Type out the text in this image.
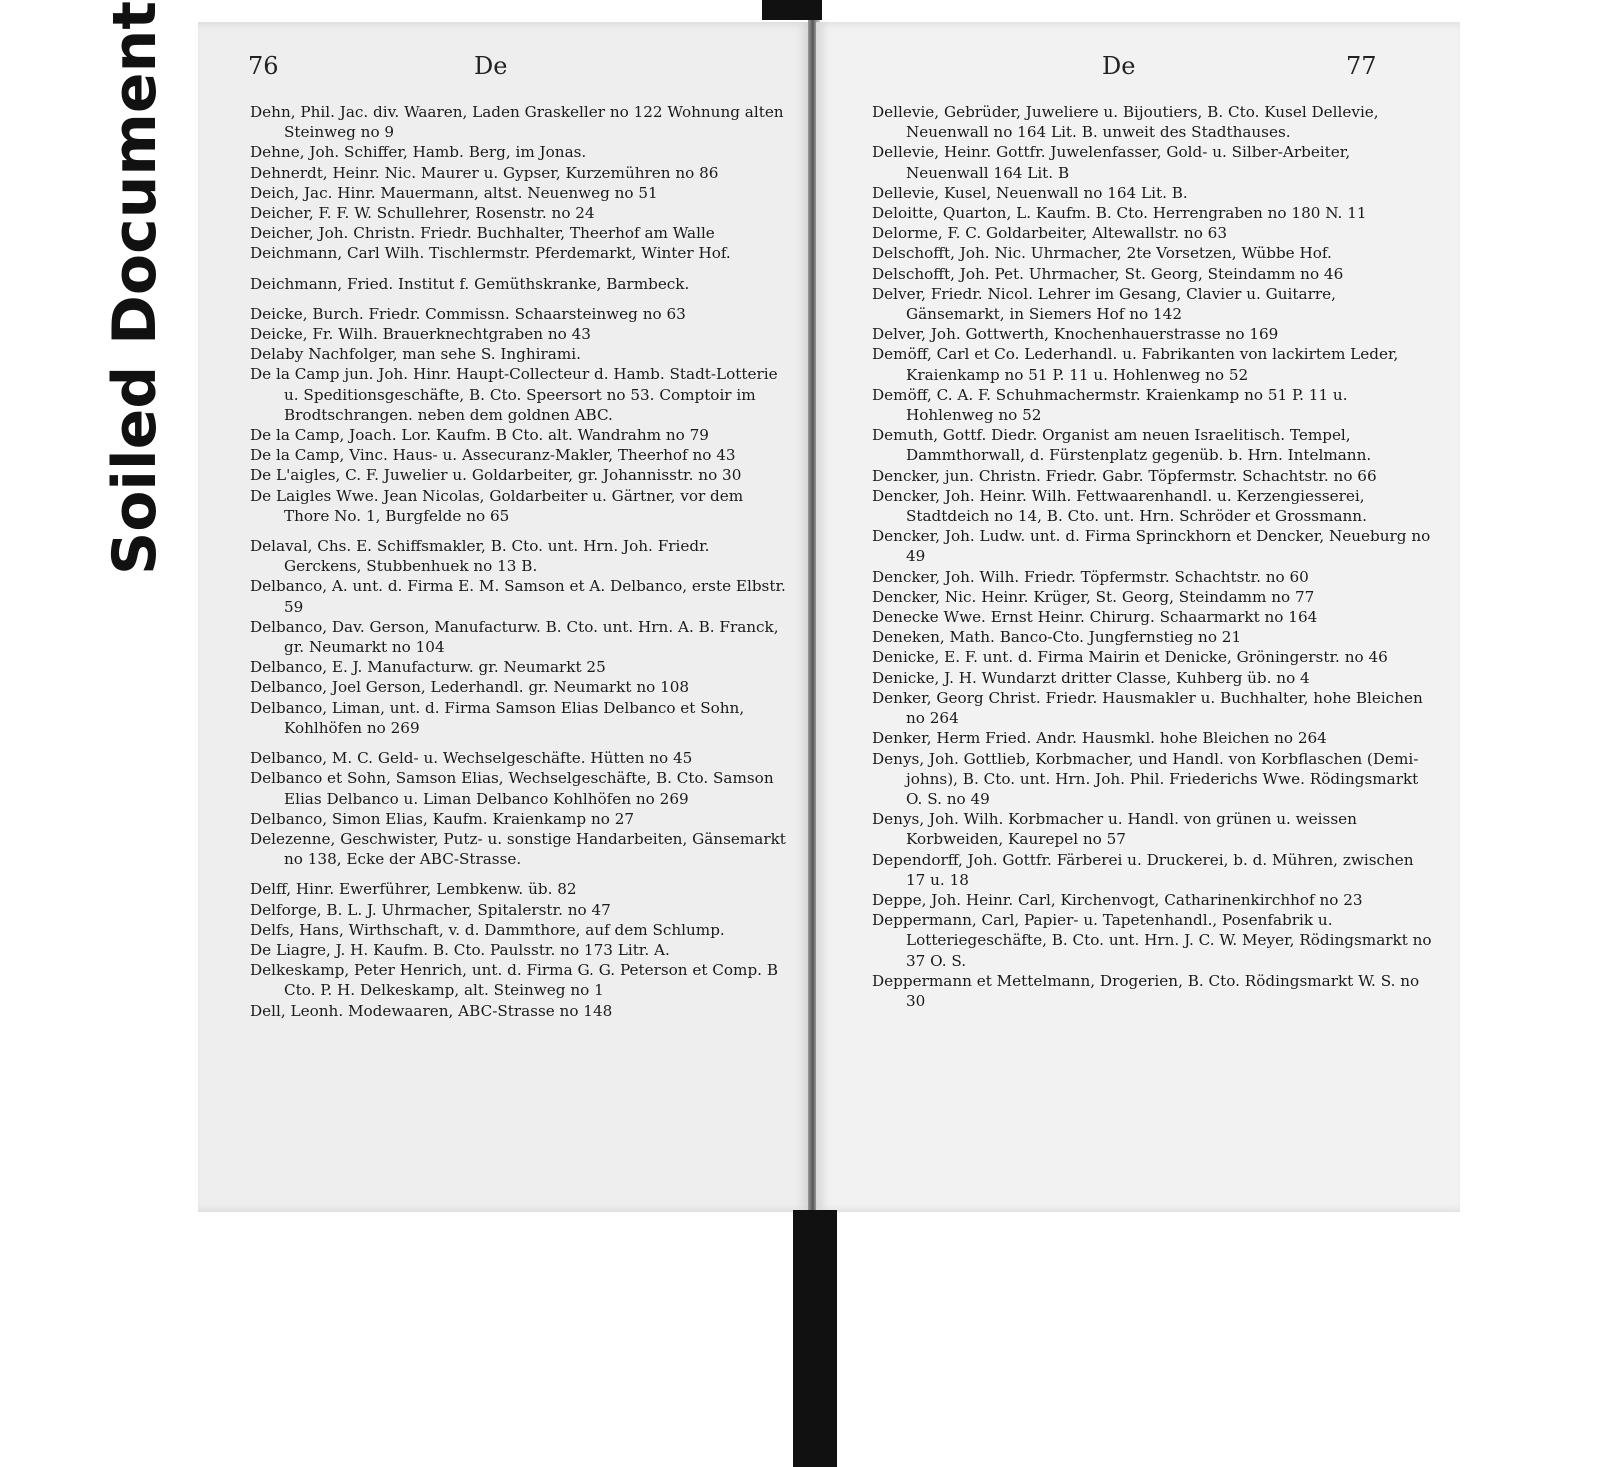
76	De

Dehn, Phil. Jac. div. Waaren, Laden Graskeller no 122 Wohnung alten Steinweg no 9

Dehne, Joh. Schiffer, Hamb. Berg, im Jonas.

Dehnerdt, Heinr. Nic. Maurer u. Gypser, Kurzemühren no 86

Deich, Jac. Hinr. Mauermann, altst. Neuenweg no 51

Deicher, F. F. W. Schullehrer, Rosenstr. no 24

Deicher, Joh. Christn. Friedr. Buchhalter, Theerhof am Walle

Deichmann, Carl Wilh. Tischlermstr. Pferdemarkt, Winter Hof.

Deichmann, Fried. Institut f. Gemüthskranke, Barmbeck.

Deicke, Burch. Friedr. Commissn. Schaarsteinweg no 63

Deicke, Fr. Wilh. Brauerknechtgraben no 43

Delaby Nachfolger, man sehe S. Inghirami.

De la Camp jun. Joh. Hinr. Haupt-Collecteur d. Hamb. Stadt-Lotterie u. Speditionsgeschäfte, B. Cto. Speersort no 53. Comptoir im Brodtschrangen. neben dem goldnen ABC.

De la Camp, Joach. Lor. Kaufm. B Cto. alt. Wandrahm no 79

De la Camp, Vinc. Haus- u. Assecuranz-Makler, Theerhof no 43

De L'aigles, C. F. Juwelier u. Goldarbeiter, gr. Johannisstr. no 30

De Laigles Wwe. Jean Nicolas, Goldarbeiter u. Gärtner, vor dem Thore No. 1, Burgfelde no 65

Delaval, Chs. E. Schiffsmakler, B. Cto. unt. Hrn. Joh. Friedr. Gerckens, Stubbenhuek no 13 B.

Delbanco, A. unt. d. Firma E. M. Samson et A. Delbanco, erste Elbstr. 59

Delbanco, Dav. Gerson, Manufacturw. B. Cto. unt. Hrn. A. B. Franck, gr. Neumarkt no 104

Delbanco, E. J. Manufacturw. gr. Neumarkt 25

Delbanco, Joel Gerson, Lederhandl. gr. Neumarkt no 108

Delbanco, Liman, unt. d. Firma Samson Elias Delbanco et Sohn, Kohlhöfen no 269

Delbanco, M. C. Geld- u. Wechselgeschäfte. Hütten no 45

Delbanco et Sohn, Samson Elias, Wechselgeschäfte, B. Cto. Samson Elias Delbanco u. Liman Delbanco Kohlhöfen no 269

Delbanco, Simon Elias, Kaufm. Kraienkamp no 27

Delezenne, Geschwister, Putz- u. sonstige Handarbeiten, Gänsemarkt no 138, Ecke der ABC-Strasse.

Delff, Hinr. Ewerführer, Lembkenw. üb. 82

Delforge, B. L. J. Uhrmacher, Spitalerstr. no 47

Delfs, Hans, Wirthschaft, v. d. Dammthore, auf dem Schlump.

De Liagre, J. H. Kaufm. B. Cto. Paulsstr. no 173 Litr. A.

Delkeskamp, Peter Henrich, unt. d. Firma G. G. Peterson et Comp. B Cto. P. H. Delkeskamp, alt. Steinweg no 1

Dell, Leonh. Modewaaren, ABC-Strasse no 148

De	77

Dellevie, Gebrüder, Juweliere u. Bijoutiers, B. Cto. Kusel Dellevie, Neuenwall no 164 Lit. B. unweit des Stadthauses.

Dellevie, Heinr. Gottfr. Juwelenfasser, Gold- u. Silber-Arbeiter, Neuenwall 164 Lit. B

Dellevie, Kusel, Neuenwall no 164 Lit. B.

Deloitte, Quarton, L. Kaufm. B. Cto. Herrengraben no 180 N. 11

Delorme, F. C. Goldarbeiter, Altewallstr. no 63

Delschofft, Joh. Nic. Uhrmacher, 2te Vorsetzen, Wübbe Hof.

Delschofft, Joh. Pet. Uhrmacher, St. Georg, Steindamm no 46

Delver, Friedr. Nicol. Lehrer im Gesang, Clavier u. Guitarre, Gänsemarkt, in Siemers Hof no 142

Delver, Joh. Gottwerth, Knochenhauerstrasse no 169

Demöff, Carl et Co. Lederhandl. u. Fabrikanten von lackirtem Leder, Kraienkamp no 51 P. 11 u. Hohlenweg no 52

Demöff, C. A. F. Schuhmachermstr. Kraienkamp no 51 P. 11 u. Hohlenweg no 52

Demuth, Gottf. Diedr. Organist am neuen Israelitisch. Tempel, Dammthorwall, d. Fürstenplatz gegenüb. b. Hrn. Intelmann.

Dencker, jun. Christn. Friedr. Gabr. Töpfermstr. Schachtstr. no 66

Dencker, Joh. Heinr. Wilh. Fettwaarenhandl. u. Kerzengiesserei, Stadtdeich no 14, B. Cto. unt. Hrn. Schröder et Grossmann.

Dencker, Joh. Ludw. unt. d. Firma Sprinckhorn et Dencker, Neueburg no 49

Dencker, Joh. Wilh. Friedr. Töpfermstr. Schachtstr. no 60

Dencker, Nic. Heinr. Krüger, St. Georg, Steindamm no 77

Denecke Wwe. Ernst Heinr. Chirurg. Schaarmarkt no 164

Deneken, Math. Banco-Cto. Jungfernstieg no 21

Denicke, E. F. unt. d. Firma Mairin et Denicke, Gröningerstr. no 46

Denicke, J. H. Wundarzt dritter Classe, Kuhberg üb. no 4

Denker, Georg Christ. Friedr. Hausmakler u. Buchhalter, hohe Bleichen no 264

Denker, Herm Fried. Andr. Hausmkl. hohe Bleichen no 264

Denys, Joh. Gottlieb, Korbmacher, und Handl. von Korbflaschen (Demi-johns), B. Cto. unt. Hrn. Joh. Phil. Friederichs Wwe. Rödingsmarkt O. S. no 49

Denys, Joh. Wilh. Korbmacher u. Handl. von grünen u. weissen Korbweiden, Kaurepel no 57

Dependorff, Joh. Gottfr. Färberei u. Druckerei, b. d. Mühren, zwischen 17 u. 18

Deppe, Joh. Heinr. Carl, Kirchenvogt, Catharinenkirchhof no 23

Deppermann, Carl, Papier- u. Tapetenhandl., Posenfabrik u. Lotteriegeschäfte, B. Cto. unt. Hrn. J. C. W. Meyer, Rödingsmarkt no 37 O. S.

Deppermann et Mettelmann, Drogerien, B. Cto. Rödingsmarkt W. S. no 30

Soiled Document
